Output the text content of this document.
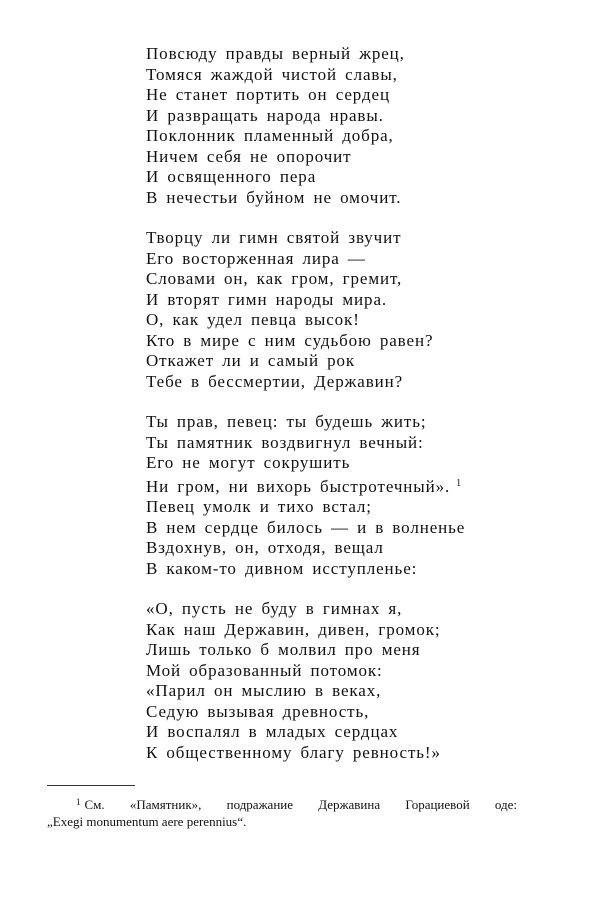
Повсюду правды верный жрец,
Томяся жаждой чистой славы,
Не станет портить он сердец
И развращать народа нравы.
Поклонник пламенный добра,
Ничем себя не опорочит
И освященного пера
В нечестьи буйном не омочит.
Творцу ли гимн святой звучит
Его восторженная лира —
Словами он, как гром, гремит,
И вторят гимн народы мира.
О, как удел певца высок!
Кто в мире с ним судьбою равен?
Откажет ли и самый рок
Тебе в бессмертии, Державин?
Ты прав, певец: ты будешь жить;
Ты памятник воздвигнул вечный:
Его не могут сокрушить
Ни гром, ни вихорь быстротечный». $^1$
Певец умолк и тихо встал;
В нем сердце билось — и в волненье
Вздохнув, он, отходя, вещал
В каком-то дивном исступленье:
«О, пусть не буду в гимнах я,
Как наш Державин, дивен, громок;
Лишь только б молвил про меня
Мой образованный потомок:
«Парил он мыслию в веках,
Седую вызывая древность,
И воспалял в младых сердцах
К общественному благу ревность!»
$^1$ См. «Памятник», подражание Державина Горациевой оде:
„Exegi monumentum aere perennius“.
